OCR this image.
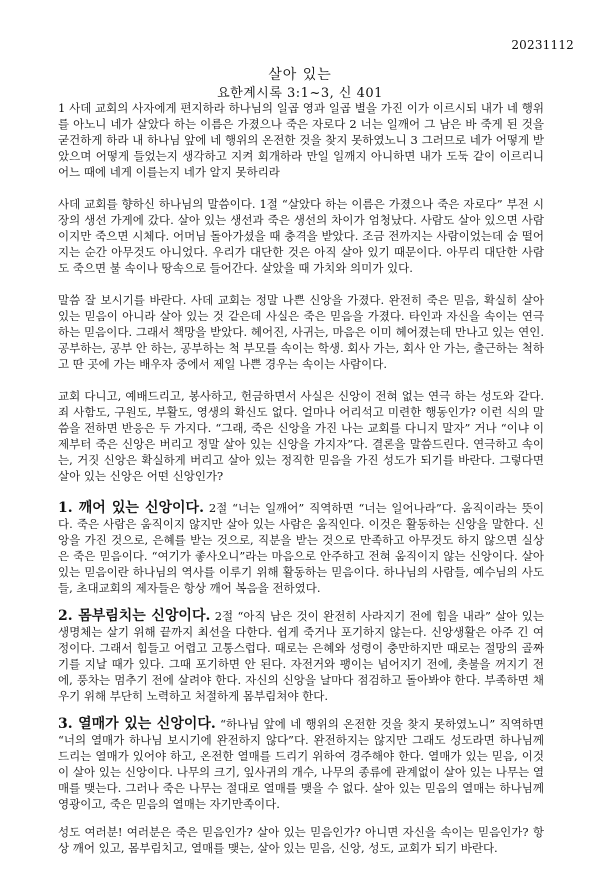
20231112
살아 있는
요한계시록 3:1~3, 신 401

1 사데 교회의 사자에게 편지하라 하나님의 일곱 영과 일곱 별을 가진 이가 이르시되 내가 네 행위를 아노니 네가 살았다 하는 이름은 가졌으나 죽은 자로다 2 너는 일깨어 그 남은 바 죽게 된 것을 굳건하게 하라 내 하나님 앞에 네 행위의 온전한 것을 찾지 못하였노니 3 그러므로 네가 어떻게 받았으며 어떻게 들었는지 생각하고 지켜 회개하라 만일 일깨지 아니하면 내가 도둑 같이 이르리니 어느 때에 네게 이를는지 네가 알지 못하리라

사데 교회를 향하신 하나님의 말씀이다. 1절 “살았다 하는 이름은 가졌으나 죽은 자로다” 부전 시장의 생선 가게에 갔다. 살아 있는 생선과 죽은 생선의 차이가 엄청났다. 사람도 살아 있으면 사람이지만 죽으면 시체다. 어머님 돌아가셨을 때 충격을 받았다. 조금 전까지는 사람이었는데 숨 떨어지는 순간 아무것도 아니었다. 우리가 대단한 것은 아직 살아 있기 때문이다. 아무리 대단한 사람도 죽으면 불 속이나 땅속으로 들어간다. 살았을 때 가치와 의미가 있다.

말씀 잘 보시기를 바란다. 사데 교회는 정말 나쁜 신앙을 가졌다. 완전히 죽은 믿음, 확실히 살아 있는 믿음이 아니라 살아 있는 것 같은데 사실은 죽은 믿음을 가졌다. 타인과 자신을 속이는 연극 하는 믿음이다. 그래서 책망을 받았다. 헤어진, 사귀는, 마음은 이미 헤어졌는데 만나고 있는 연인. 공부하는, 공부 안 하는, 공부하는 척 부모를 속이는 학생. 회사 가는, 회사 안 가는, 출근하는 척하고 딴 곳에 가는 배우자 중에서 제일 나쁜 경우는 속이는 사람이다.

교회 다니고, 예배드리고, 봉사하고, 헌금하면서 사실은 신앙이 전혀 없는 연극 하는 성도와 같다. 죄 사함도, 구원도, 부활도, 영생의 확신도 없다. 얼마나 어리석고 미련한 행동인가? 이런 식의 말씀을 전하면 반응은 두 가지다. “그래, 죽은 신앙을 가진 나는 교회를 다니지 말자” 거나 “이냐 이제부터 죽은 신앙은 버리고 정말 살아 있는 신앙을 가지자”다. 결론을 말씀드린다. 연극하고 속이는, 거짓 신앙은 확실하게 버리고 살아 있는 정직한 믿음을 가진 성도가 되기를 바란다. 그렇다면 살아 있는 신앙은 어떤 신앙인가?

1. 깨어 있는 신앙이다. 2절 “너는 일깨어” 직역하면 “너는 일어나라”다. 움직이라는 뜻이다. 죽은 사람은 움직이지 않지만 살아 있는 사람은 움직인다. 이것은 활동하는 신앙을 말한다. 신앙을 가진 것으로, 은혜를 받는 것으로, 직분을 받는 것으로 만족하고 아무것도 하지 않으면 실상은 죽은 믿음이다. “여기가 좋사오니”라는 마음으로 안주하고 전혀 움직이지 않는 신앙이다. 살아 있는 믿음이란 하나님의 역사를 이루기 위해 활동하는 믿음이다. 하나님의 사람들, 예수님의 사도들, 초대교회의 제자들은 항상 깨어 복음을 전하였다.

2. 몸부림치는 신앙이다. 2절 “아직 남은 것이 완전히 사라지기 전에 힘을 내라” 살아 있는 생명체는 살기 위해 끝까지 최선을 다한다. 쉽게 죽거나 포기하지 않는다. 신앙생활은 아주 긴 여정이다. 그래서 힘들고 어렵고 고통스럽다. 때로는 은혜와 성령이 충만하지만 때로는 절망의 골짜기를 지날 때가 있다. 그때 포기하면 안 된다. 자전거와 팽이는 넘어지기 전에, 촛불을 꺼지기 전에, 풍차는 멈추기 전에 살려야 한다. 자신의 신앙을 날마다 점검하고 돌아봐야 한다. 부족하면 채우기 위해 부단히 노력하고 처절하게 몸부림쳐야 한다.

3. 열매가 있는 신앙이다. “하나님 앞에 네 행위의 온전한 것을 찾지 못하였노니” 직역하면 “너의 열매가 하나님 보시기에 완전하지 않다”다. 완전하지는 않지만 그래도 성도라면 하나님께 드리는 열매가 있어야 하고, 온전한 열매를 드리기 위하여 경주해야 한다. 열매가 있는 믿음, 이것이 살아 있는 신앙이다. 나무의 크기, 잎사귀의 개수, 나무의 종류에 관계없이 살아 있는 나무는 열매를 맺는다. 그러나 죽은 나무는 절대로 열매를 맺을 수 없다. 살아 있는 믿음의 열매는 하나님께 영광이고, 죽은 믿음의 열매는 자기만족이다.

성도 여러분! 여러분은 죽은 믿음인가? 살아 있는 믿음인가? 아니면 자신을 속이는 믿음인가? 항상 깨어 있고, 몸부림치고, 열매를 맺는, 살아 있는 믿음, 신앙, 성도, 교회가 되기 바란다.
